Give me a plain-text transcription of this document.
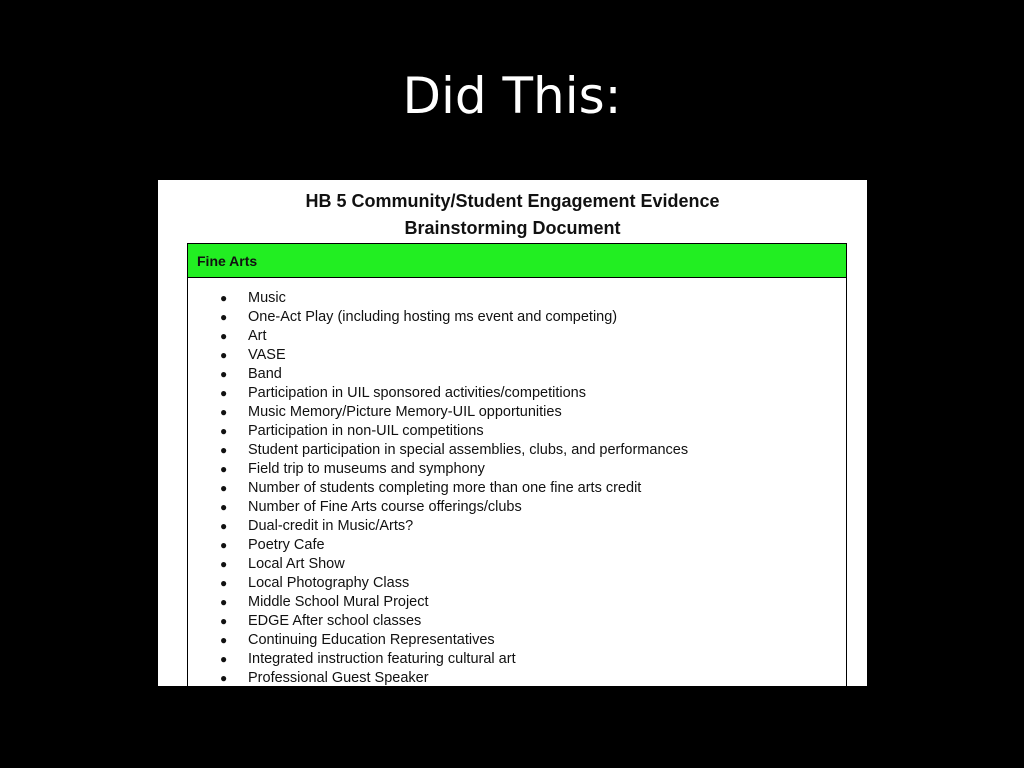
Did This:
HB 5 Community/Student Engagement Evidence
Brainstorming Document
Fine Arts
● Music
● One-Act Play (including hosting ms event and competing)
● Art
● VASE
● Band
● Participation in UIL sponsored activities/competitions
● Music Memory/Picture Memory-UIL opportunities
● Participation in non-UIL competitions
● Student participation in special assemblies, clubs, and performances
● Field trip to museums and symphony
● Number of students completing more than one fine arts credit
● Number of Fine Arts course offerings/clubs
● Dual-credit in Music/Arts?
● Poetry Cafe
● Local Art Show
● Local Photography Class
● Middle School Mural Project
● EDGE After school classes
● Continuing Education Representatives
● Integrated instruction featuring cultural art
● Professional Guest Speaker
